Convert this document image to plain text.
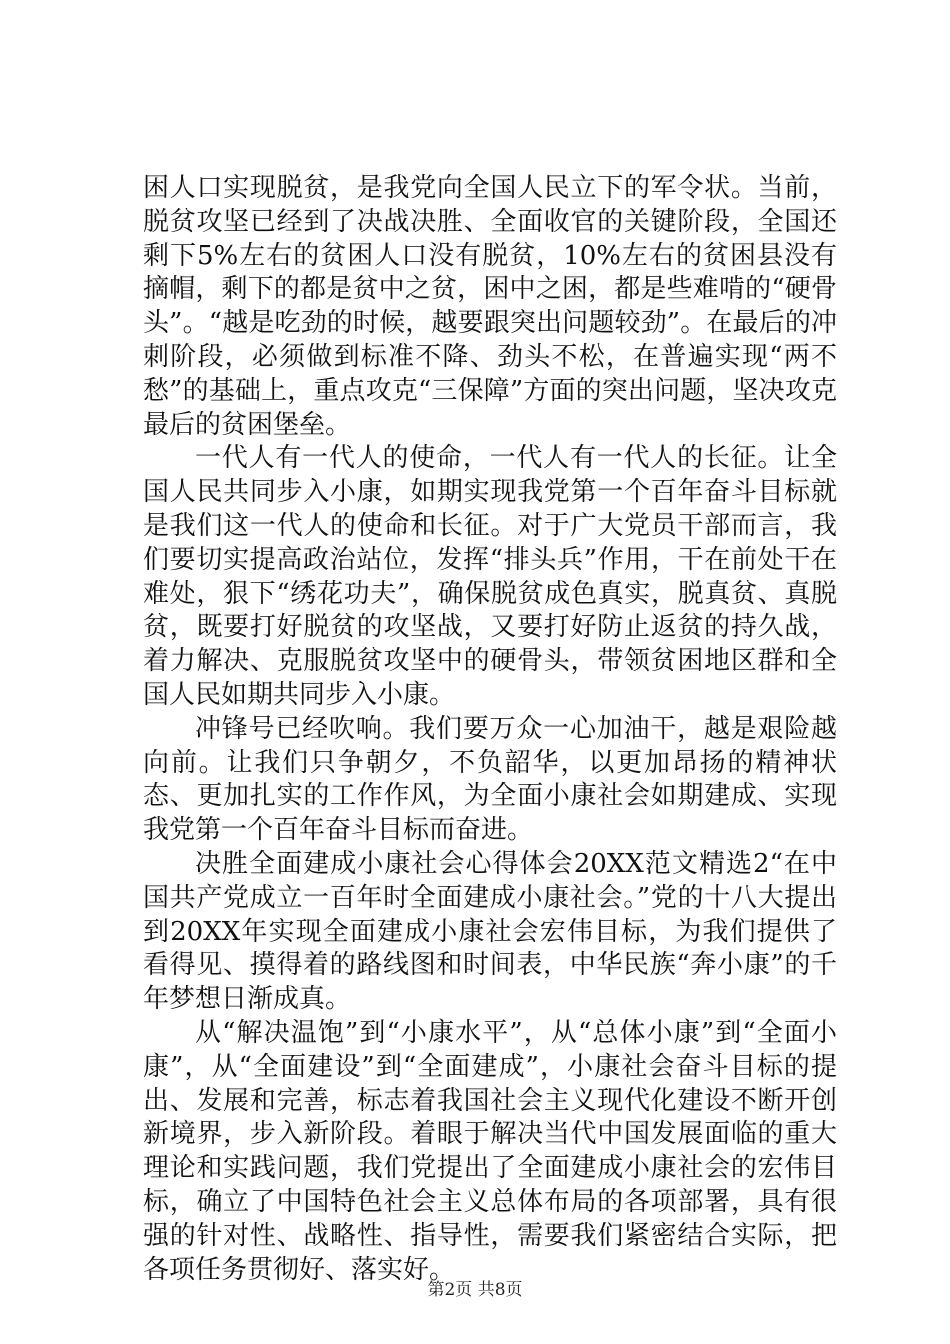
困人口实现脱贫，是我党向全国人民立下的军令状。当前，脱贫攻坚已经到了决战决胜、全面收官的关键阶段，全国还剩下5%左右的贫困人口没有脱贫，10%左右的贫困县没有摘帽，剩下的都是贫中之贫，困中之困，都是些难啃的“硬骨头”。“越是吃劲的时候，越要跟突出问题较劲”。在最后的冲刺阶段，必须做到标准不降、劲头不松，在普遍实现“两不愁”的基础上，重点攻克“三保障”方面的突出问题，坚决攻克最后的贫困堡垒。

一代人有一代人的使命，一代人有一代人的长征。让全国人民共同步入小康，如期实现我党第一个百年奋斗目标就是我们这一代人的使命和长征。对于广大党员干部而言，我们要切实提高政治站位，发挥“排头兵”作用，干在前处干在难处，狠下“绣花功夫”，确保脱贫成色真实，脱真贫、真脱贫，既要打好脱贫的攻坚战，又要打好防止返贫的持久战，着力解决、克服脱贫攻坚中的硬骨头，带领贫困地区群和全国人民如期共同步入小康。

冲锋号已经吹响。我们要万众一心加油干，越是艰险越向前。让我们只争朝夕，不负韶华，以更加昂扬的精神状态、更加扎实的工作作风，为全面小康社会如期建成、实现我党第一个百年奋斗目标而奋进。

决胜全面建成小康社会心得体会20XX范文精选2“在中国共产党成立一百年时全面建成小康社会。”党的十八大提出到20XX年实现全面建成小康社会宏伟目标，为我们提供了看得见、摸得着的路线图和时间表，中华民族“奔小康”的千年梦想日渐成真。

从“解决温饱”到“小康水平”，从“总体小康”到“全面小康”，从“全面建设”到“全面建成”，小康社会奋斗目标的提出、发展和完善，标志着我国社会主义现代化建设不断开创新境界，步入新阶段。着眼于解决当代中国发展面临的重大理论和实践问题，我们党提出了全面建成小康社会的宏伟目标，确立了中国特色社会主义总体布局的各项部署，具有很强的针对性、战略性、指导性，需要我们紧密结合实际，把各项任务贯彻好、落实好。

第2页 共8页
